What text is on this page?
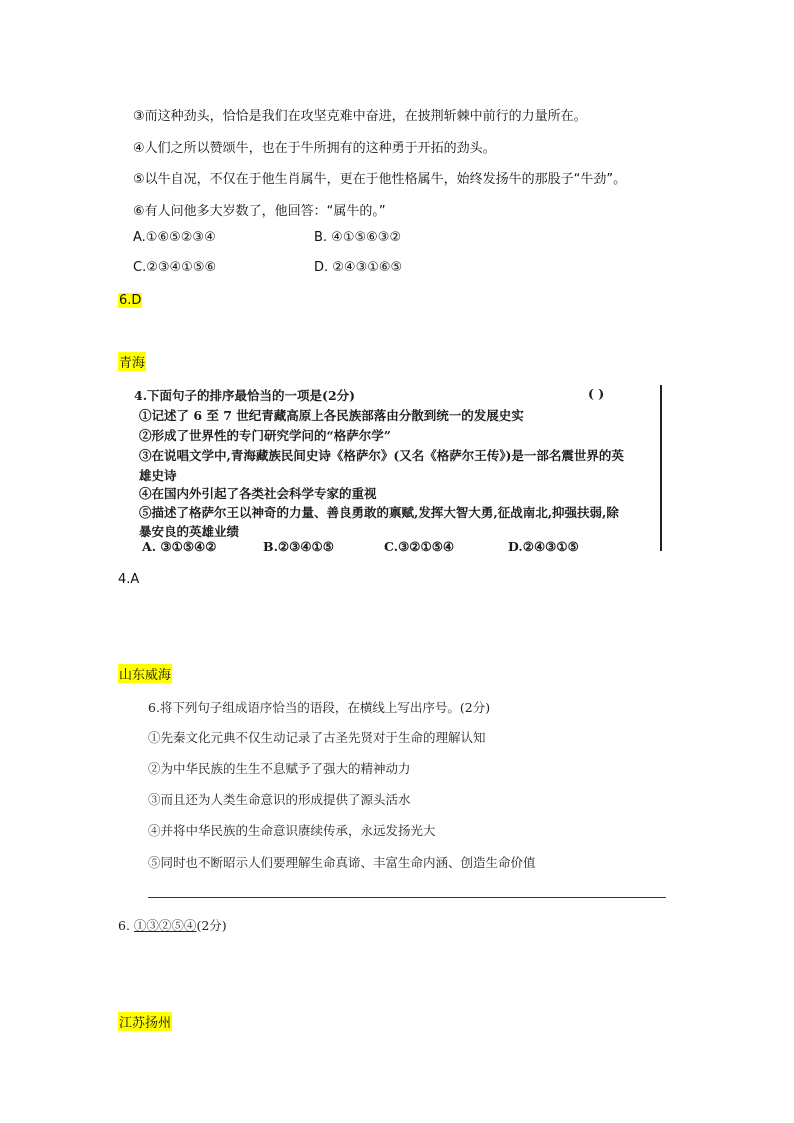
③而这种劲头，恰恰是我们在攻坚克难中奋进，在披荆斩棘中前行的力量所在。
④人们之所以赞颂牛，也在于牛所拥有的这种勇于开拓的劲头。
⑤以牛自况，不仅在于他生肖属牛，更在于他性格属牛，始终发扬牛的那股子“牛劲”。
⑥有人问他多大岁数了，他回答：“属牛的。”
A.①⑥⑤②③④	B. ④①⑤⑥③②
C.②③④①⑤⑥	D. ②④③①⑥⑤
6.D
青海
4.下面句子的排序最恰当的一项是(2分)	( )
①记述了 6 至 7 世纪青藏高原上各民族部落由分散到统一的发展史实
②形成了世界性的专门研究学问的“格萨尔学”
③在说唱文学中,青海藏族民间史诗《格萨尔》(又名《格萨尔王传》)是一部名震世界的英
雄史诗
④在国内外引起了各类社会科学专家的重视
⑤描述了格萨尔王以神奇的力量、善良勇敢的禀赋,发挥大智大勇,征战南北,抑强扶弱,除
暴安良的英雄业绩
A. ③①⑤④②	B.②③④①⑤	C.③②①⑤④	D.②④③①⑤
4.A
山东威海
6.将下列句子组成语序恰当的语段，在横线上写出序号。(2分)
①先秦文化元典不仅生动记录了古圣先贤对于生命的理解认知
②为中华民族的生生不息赋予了强大的精神动力
③而且还为人类生命意识的形成提供了源头活水
④并将中华民族的生命意识赓续传承，永远发扬光大
⑤同时也不断昭示人们要理解生命真谛、丰富生命内涵、创造生命价值
6. ①③②⑤④(2分)
江苏扬州
